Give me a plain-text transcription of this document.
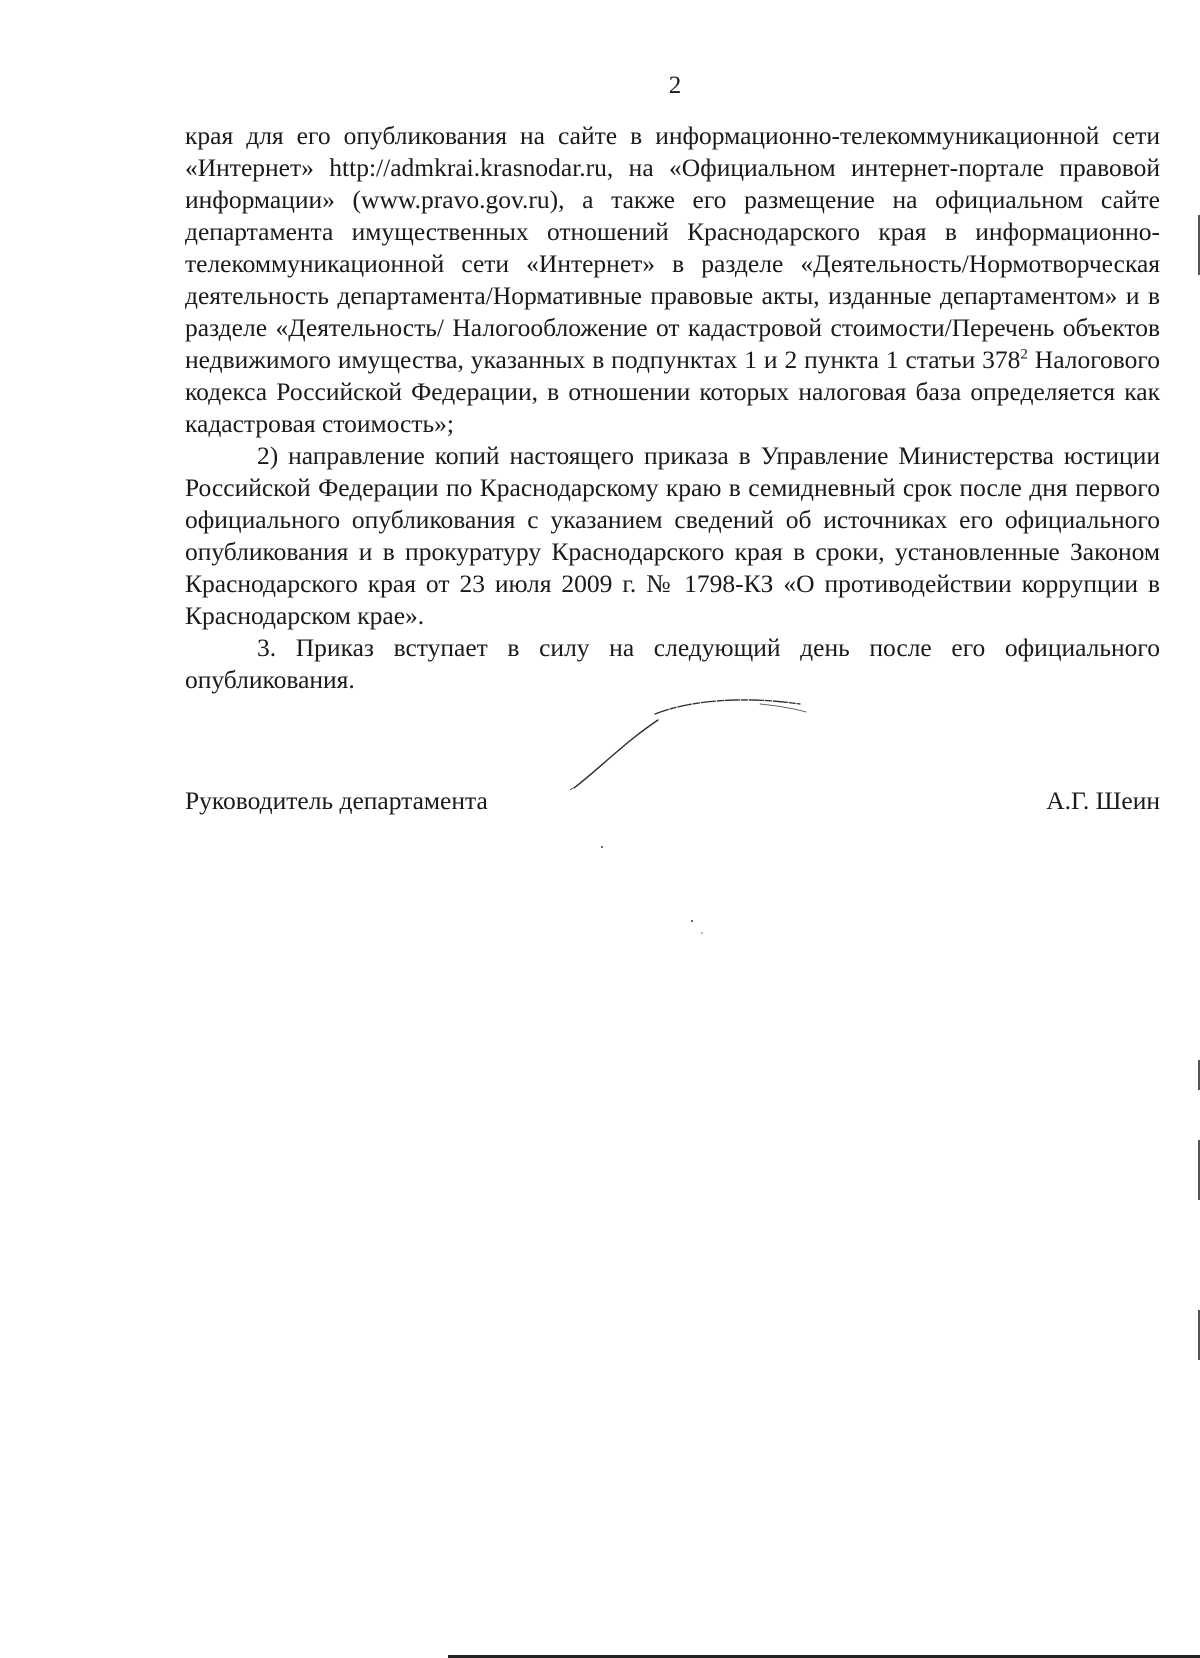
2

края для его опубликования на сайте в информационно-телекоммуникационной сети «Интернет» http://admkrai.krasnodar.ru, на «Официальном интернет-портале правовой информации» (www.pravo.gov.ru), а также его размещение на официальном сайте департамента имущественных отношений Краснодарского края в информационно-телекоммуникационной сети «Интернет» в разделе «Деятельность/Нормотворческая деятельность департамента/Нормативные правовые акты, изданные департаментом» и в разделе «Деятельность/ Налогообложение от кадастровой стоимости/Перечень объектов недвижимого имущества, указанных в подпунктах 1 и 2 пункта 1 статьи $378^2$ Налогового кодекса Российской Федерации, в отношении которых налоговая база определяется как кадастровая стоимость»;

2) направление копий настоящего приказа в Управление Министерства юстиции Российской Федерации по Краснодарскому краю в семидневный срок после дня первого официального опубликования с указанием сведений об источниках его официального опубликования и в прокуратуру Краснодарского края в сроки, установленные Законом Краснодарского края от 23 июля 2009 г. № 1798-КЗ «О противодействии коррупции в Краснодарском крае».

3. Приказ вступает в силу на следующий день после его официального опубликования.

Руководитель департамента	А.Г. Шеин
